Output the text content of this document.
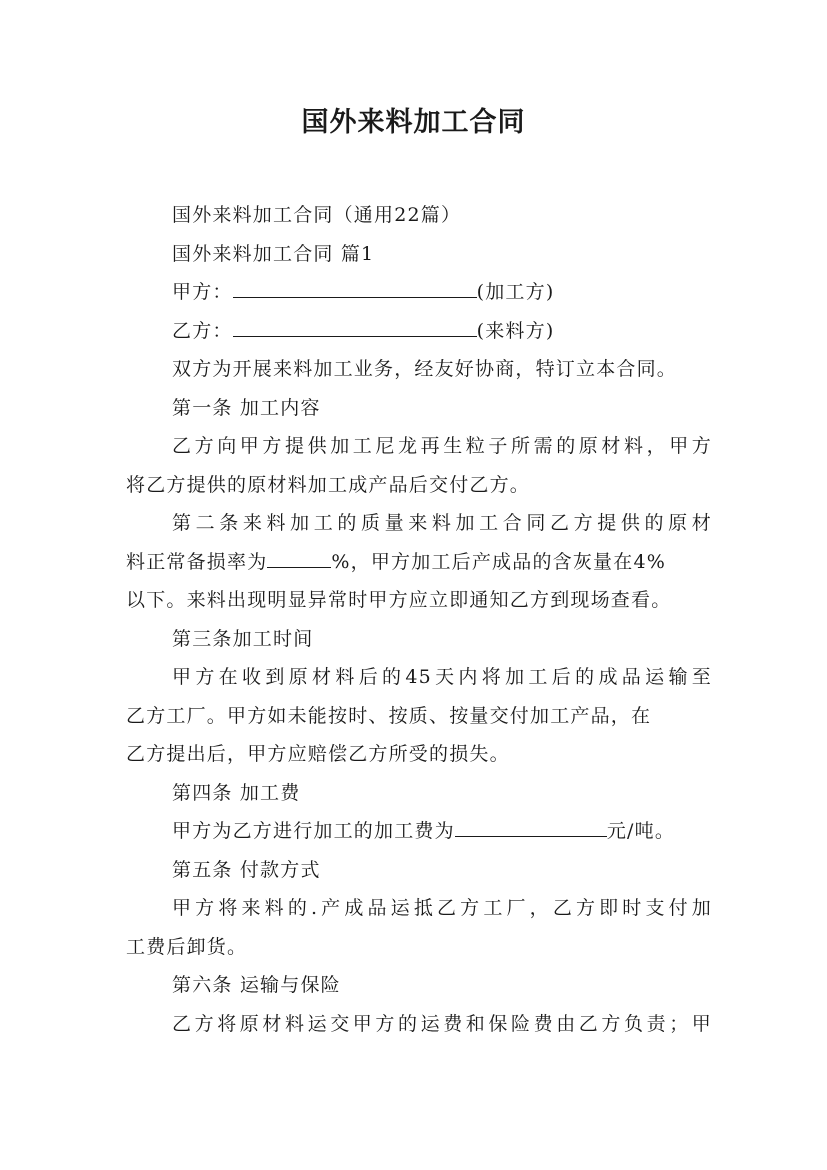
国外来料加工合同
国外来料加工合同（通用22篇）
国外来料加工合同 篇1
甲方：	(加工方)
乙方：	(来料方)
双方为开展来料加工业务，经友好协商，特订立本合同。
第一条 加工内容
乙方向甲方提供加工尼龙再生粒子所需的原材料，甲方
将乙方提供的原材料加工成产品后交付乙方。
第二条来料加工的质量来料加工合同乙方提供的原材
料正常备损率为	%，甲方加工后产成品的含灰量在4%
以下。来料出现明显异常时甲方应立即通知乙方到现场查看。
第三条加工时间
甲方在收到原材料后的45天内将加工后的成品运输至
乙方工厂。甲方如未能按时、按质、按量交付加工产品，在
乙方提出后，甲方应赔偿乙方所受的损失。
第四条 加工费
甲方为乙方进行加工的加工费为	元/吨。
第五条 付款方式
甲方将来料的.产成品运抵乙方工厂，乙方即时支付加
工费后卸货。
第六条 运输与保险
乙方将原材料运交甲方的运费和保险费由乙方负责；甲
